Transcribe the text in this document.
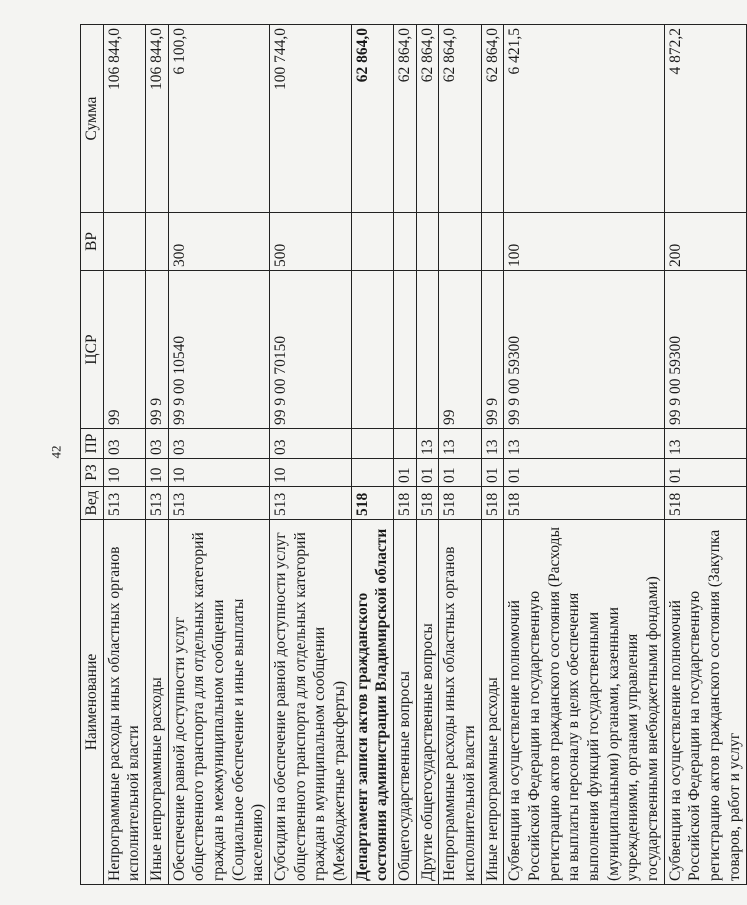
42
Наименование	Вед	РЗ	ПР	ЦСР	ВР	Сумма
Непрограммные расходы иных областных органов исполнительной власти	513	10	03	99		106 844,0
Иные непрограммные расходы	513	10	03	99 9		106 844,0
Обеспечение равной доступности услуг общественного транспорта для отдельных категорий граждан в межмуниципальном сообщении (Социальное обеспечение и иные выплаты населению)	513	10	03	99 9 00 10540	300	6 100,0
Субсидии на обеспечение равной доступности услуг общественного транспорта для отдельных категорий граждан в муниципальном сообщении (Межбюджетные трансферты)	513	10	03	99 9 00 70150	500	100 744,0
Департамент записи актов гражданского состояния администрации Владимирской области	518					62 864,0
Общегосударственные вопросы	518	01				62 864,0
Другие общегосударственные вопросы	518	01	13			62 864,0
Непрограммные расходы иных областных органов исполнительной власти	518	01	13	99		62 864,0
Иные непрограммные расходы	518	01	13	99 9		62 864,0
Субвенции на осуществление полномочий Российской Федерации на государственную регистрацию актов гражданского состояния (Расходы на выплаты персоналу в целях обеспечения выполнения функций государственными (муниципальными) органами, казенными учреждениями, органами управления государственными внебюджетными фондами)	518	01	13	99 9 00 59300	100	6 421,5
Субвенции на осуществление полномочий Российской Федерации на государственную регистрацию актов гражданского состояния (Закупка товаров, работ и услуг	518	01	13	99 9 00 59300	200	4 872,2
